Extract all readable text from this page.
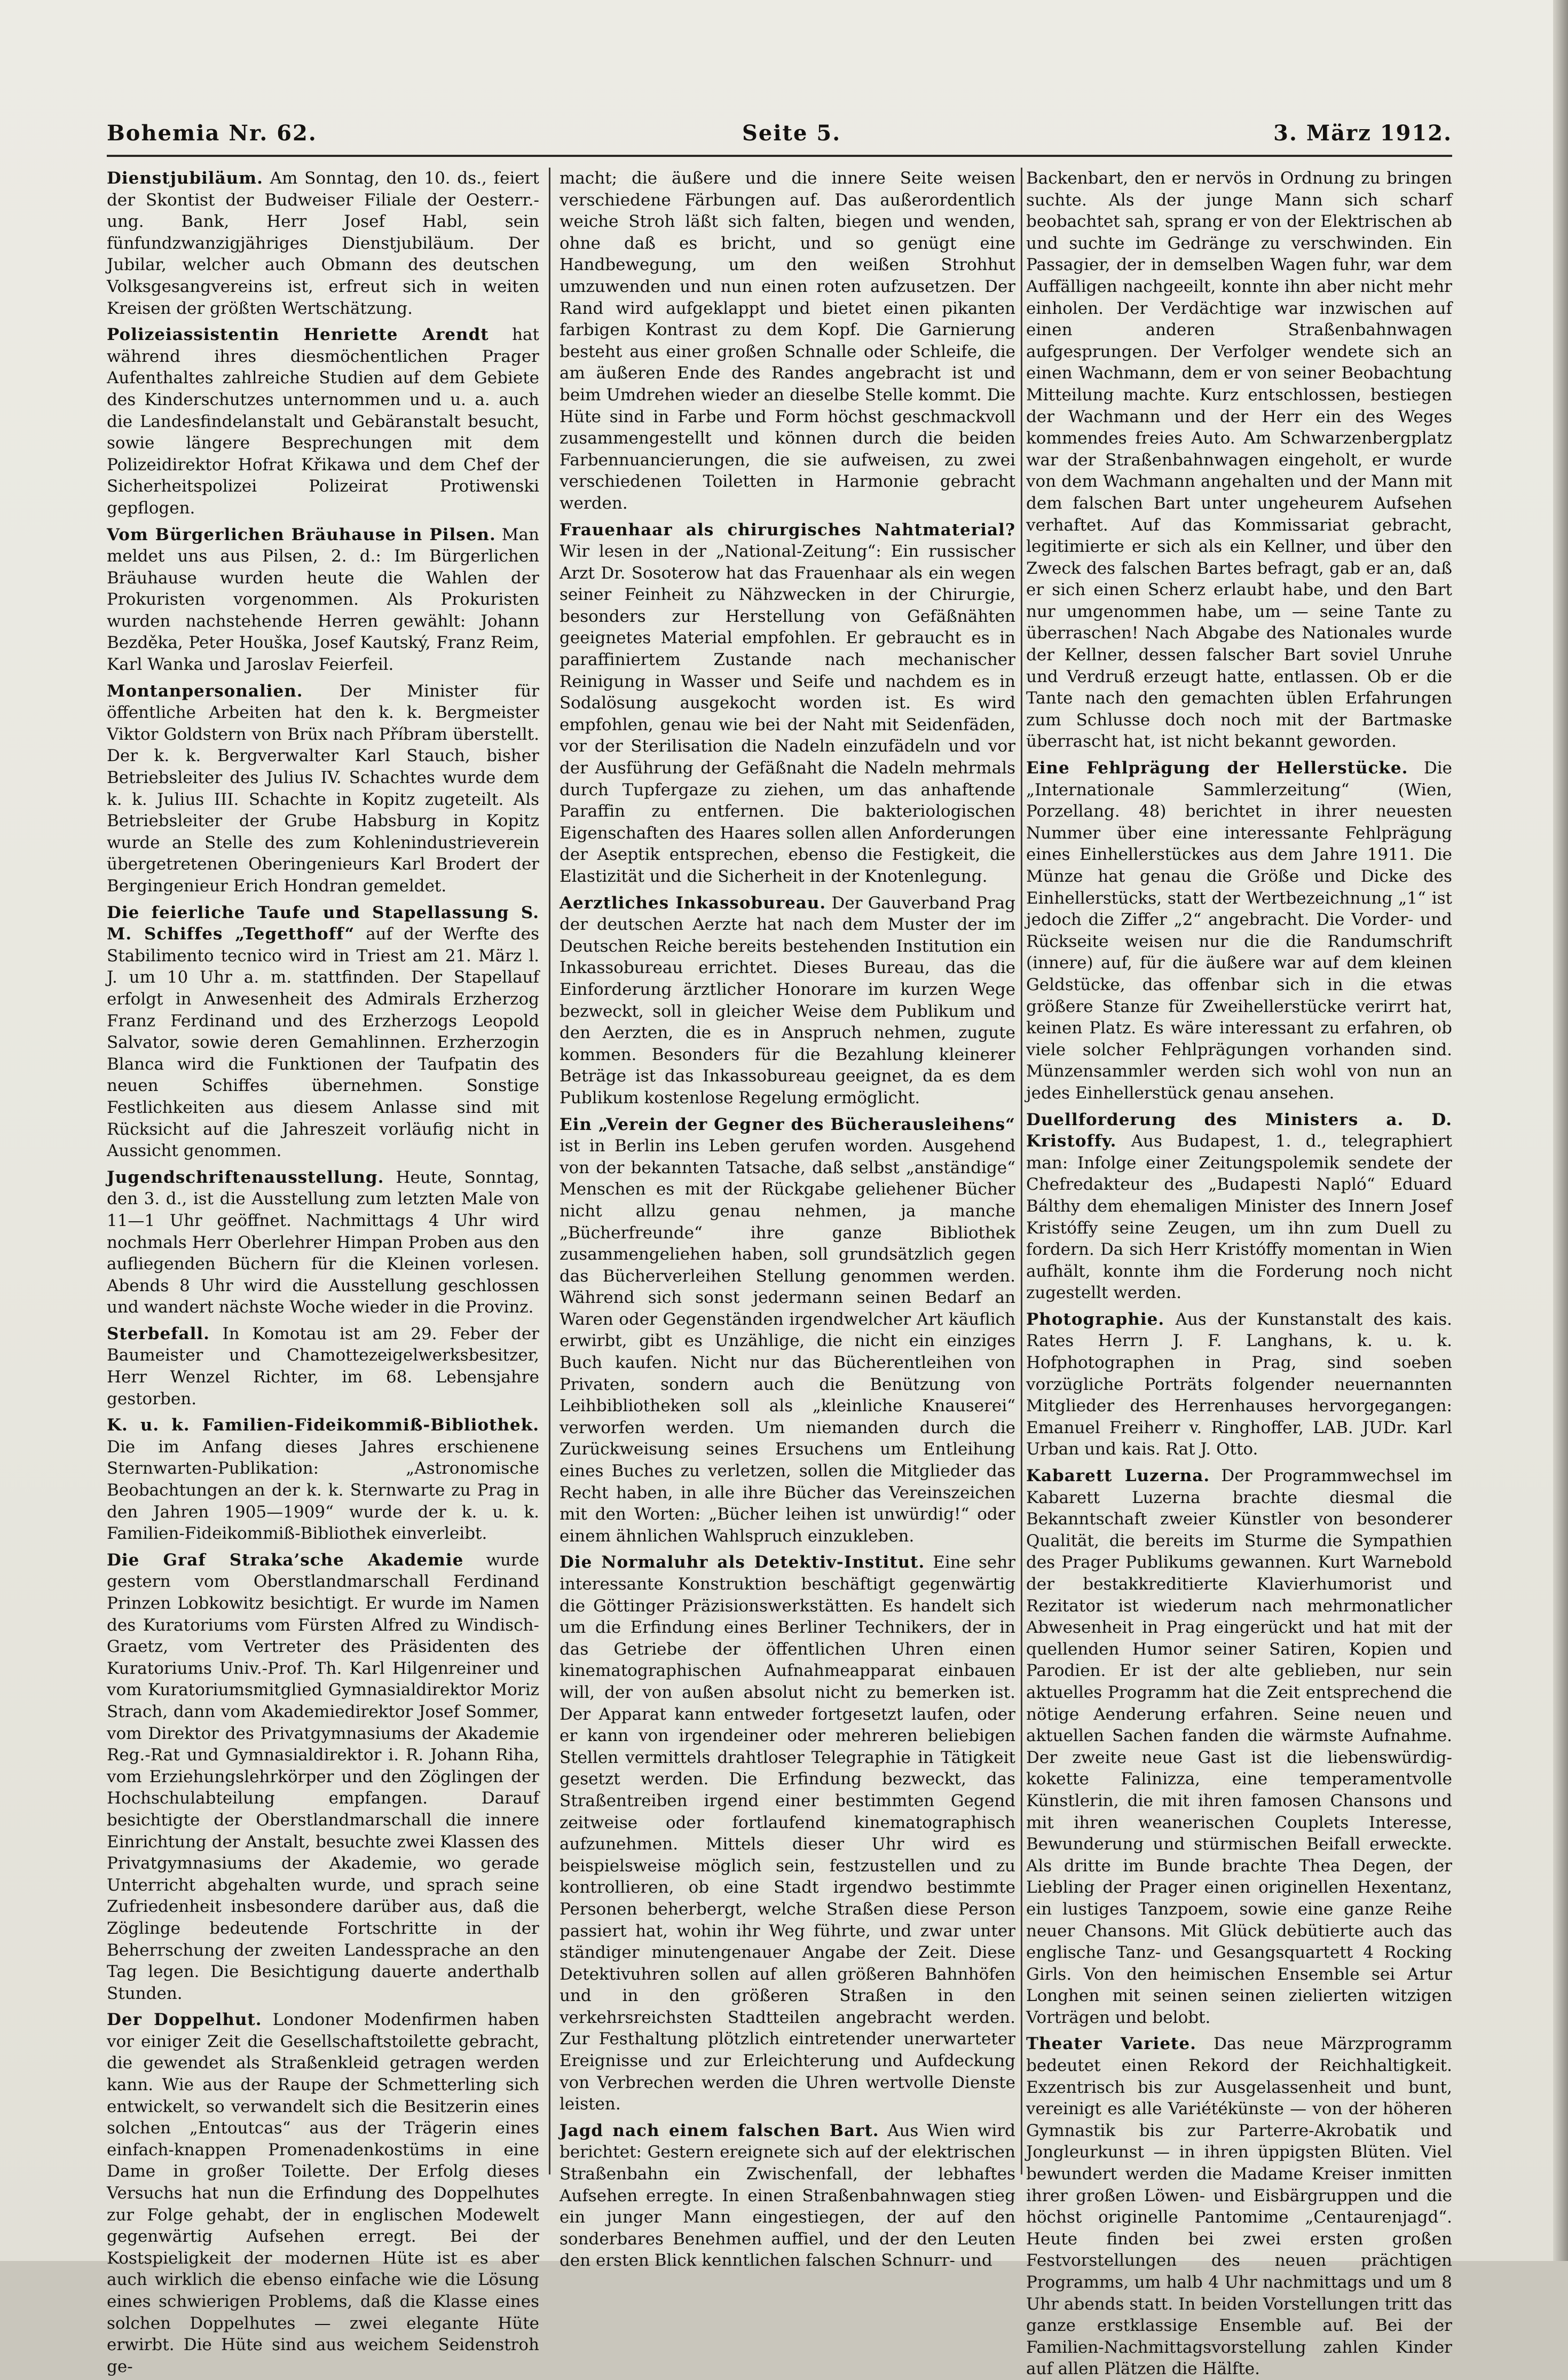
Bohemia Nr. 62.	Seite 5.	3. März 1912.

Dienstjubiläum. Am Sonntag, den 10. ds., feiert der Skontist der Budweiser Filiale der Oesterr.-ung. Bank, Herr Josef Habl, sein fünfundzwanzigjähriges Dienstjubiläum. Der Jubilar, welcher auch Obmann des deutschen Volksgesangvereins ist, erfreut sich in weiten Kreisen der größten Wertschätzung.

Polizeiassistentin Henriette Arendt hat während ihres diesmöchentlichen Prager Aufenthaltes zahlreiche Studien auf dem Gebiete des Kinderschutzes unternommen und u. a. auch die Landesfindelanstalt und Gebäranstalt besucht, sowie längere Besprechungen mit dem Polizeidirektor Hofrat Křikawa und dem Chef der Sicherheitspolizei Polizeirat Protiwenski gepflogen.

Vom Bürgerlichen Bräuhause in Pilsen. Man meldet uns aus Pilsen, 2. d.: Im Bürgerlichen Bräuhause wurden heute die Wahlen der Prokuristen vorgenommen. Als Prokuristen wurden nachstehende Herren gewählt: Johann Bezděka, Peter Houška, Josef Kautský, Franz Reim, Karl Wanka und Jaroslav Feierfeil.

Montanpersonalien. Der Minister für öffentliche Arbeiten hat den k. k. Bergmeister Viktor Goldstern von Brüx nach Příbram überstellt. Der k. k. Bergverwalter Karl Stauch, bisher Betriebsleiter des Julius IV. Schachtes wurde dem k. k. Julius III. Schachte in Kopitz zugeteilt. Als Betriebsleiter der Grube Habsburg in Kopitz wurde an Stelle des zum Kohlenindustrieverein übergetretenen Oberingenieurs Karl Brodert der Bergingenieur Erich Hondran gemeldet.

Die feierliche Taufe und Stapellassung S. M. Schiffes „Tegetthoff“ auf der Werfte des Stabilimento tecnico wird in Triest am 21. März l. J. um 10 Uhr a. m. stattfinden. Der Stapellauf erfolgt in Anwesenheit des Admirals Erzherzog Franz Ferdinand und des Erzherzogs Leopold Salvator, sowie deren Gemahlinnen. Erzherzogin Blanca wird die Funktionen der Taufpatin des neuen Schiffes übernehmen. Sonstige Festlichkeiten aus diesem Anlasse sind mit Rücksicht auf die Jahreszeit vorläufig nicht in Aussicht genommen.

Jugendschriftenausstellung. Heute, Sonntag, den 3. d., ist die Ausstellung zum letzten Male von 11—1 Uhr geöffnet. Nachmittags 4 Uhr wird nochmals Herr Oberlehrer Himpan Proben aus den aufliegenden Büchern für die Kleinen vorlesen. Abends 8 Uhr wird die Ausstellung geschlossen und wandert nächste Woche wieder in die Provinz.

Sterbefall. In Komotau ist am 29. Feber der Baumeister und Chamottezeigelwerksbesitzer, Herr Wenzel Richter, im 68. Lebensjahre gestorben.

K. u. k. Familien-Fideikommiß-Bibliothek. Die im Anfang dieses Jahres erschienene Sternwarten-Publikation: „Astronomische Beobachtungen an der k. k. Sternwarte zu Prag in den Jahren 1905—1909“ wurde der k. u. k. Familien-Fideikommiß-Bibliothek einverleibt.

Die Graf Straka’sche Akademie wurde gestern vom Oberstlandmarschall Ferdinand Prinzen Lobkowitz besichtigt. Er wurde im Namen des Kuratoriums vom Fürsten Alfred zu Windisch-Graetz, vom Vertreter des Präsidenten des Kuratoriums Univ.-Prof. Th. Karl Hilgenreiner und vom Kuratoriumsmitglied Gymnasialdirektor Moriz Strach, dann vom Akademiedirektor Josef Sommer, vom Direktor des Privatgymnasiums der Akademie Reg.-Rat und Gymnasialdirektor i. R. Johann Riha, vom Erziehungslehrkörper und den Zöglingen der Hochschulabteilung empfangen. Darauf besichtigte der Oberstlandmarschall die innere Einrichtung der Anstalt, besuchte zwei Klassen des Privatgymnasiums der Akademie, wo gerade Unterricht abgehalten wurde, und sprach seine Zufriedenheit insbesondere darüber aus, daß die Zöglinge bedeutende Fortschritte in der Beherrschung der zweiten Landessprache an den Tag legen. Die Besichtigung dauerte anderthalb Stunden.

Der Doppelhut. Londoner Modenfirmen haben vor einiger Zeit die Gesellschaftstoilette gebracht, die gewendet als Straßenkleid getragen werden kann. Wie aus der Raupe der Schmetterling sich entwickelt, so verwandelt sich die Besitzerin eines solchen „Entoutcas“ aus der Trägerin eines einfach-knappen Promenadenkostüms in eine Dame in großer Toilette. Der Erfolg dieses Versuchs hat nun die Erfindung des Doppelhutes zur Folge gehabt, der in englischen Modewelt gegenwärtig Aufsehen erregt. Bei der Kostspieligkeit der modernen Hüte ist es aber auch wirklich die ebenso einfache wie die Lösung eines schwierigen Problems, daß die Klasse eines solchen Doppelhutes — zwei elegante Hüte erwirbt. Die Hüte sind aus weichem Seidenstroh ge-

macht; die äußere und die innere Seite weisen verschiedene Färbungen auf. Das außerordentlich weiche Stroh läßt sich falten, biegen und wenden, ohne daß es bricht, und so genügt eine Handbewegung, um den weißen Strohhut umzuwenden und nun einen roten aufzusetzen. Der Rand wird aufgeklappt und bietet einen pikanten farbigen Kontrast zu dem Kopf. Die Garnierung besteht aus einer großen Schnalle oder Schleife, die am äußeren Ende des Randes angebracht ist und beim Umdrehen wieder an dieselbe Stelle kommt. Die Hüte sind in Farbe und Form höchst geschmackvoll zusammengestellt und können durch die beiden Farbennuancierungen, die sie aufweisen, zu zwei verschiedenen Toiletten in Harmonie gebracht werden.

Frauenhaar als chirurgisches Nahtmaterial? Wir lesen in der „National-Zeitung“: Ein russischer Arzt Dr. Sosoterow hat das Frauenhaar als ein wegen seiner Feinheit zu Nähzwecken in der Chirurgie, besonders zur Herstellung von Gefäßnähten geeignetes Material empfohlen. Er gebraucht es in paraffiniertem Zustande nach mechanischer Reinigung in Wasser und Seife und nachdem es in Sodalösung ausgekocht worden ist. Es wird empfohlen, genau wie bei der Naht mit Seidenfäden, vor der Sterilisation die Nadeln einzufädeln und vor der Ausführung der Gefäßnaht die Nadeln mehrmals durch Tupfergaze zu ziehen, um das anhaftende Paraffin zu entfernen. Die bakteriologischen Eigenschaften des Haares sollen allen Anforderungen der Aseptik entsprechen, ebenso die Festigkeit, die Elastizität und die Sicherheit in der Knotenlegung.

Aerztliches Inkassobureau. Der Gauverband Prag der deutschen Aerzte hat nach dem Muster der im Deutschen Reiche bereits bestehenden Institution ein Inkassobureau errichtet. Dieses Bureau, das die Einforderung ärztlicher Honorare im kurzen Wege bezweckt, soll in gleicher Weise dem Publikum und den Aerzten, die es in Anspruch nehmen, zugute kommen. Besonders für die Bezahlung kleinerer Beträge ist das Inkassobureau geeignet, da es dem Publikum kostenlose Regelung ermöglicht.

Ein „Verein der Gegner des Bücherausleihens“ ist in Berlin ins Leben gerufen worden. Ausgehend von der bekannten Tatsache, daß selbst „anständige“ Menschen es mit der Rückgabe geliehener Bücher nicht allzu genau nehmen, ja manche „Bücherfreunde“ ihre ganze Bibliothek zusammengeliehen haben, soll grundsätzlich gegen das Bücherverleihen Stellung genommen werden. Während sich sonst jedermann seinen Bedarf an Waren oder Gegenständen irgendwelcher Art käuflich erwirbt, gibt es Unzählige, die nicht ein einziges Buch kaufen. Nicht nur das Bücherentleihen von Privaten, sondern auch die Benützung von Leihbibliotheken soll als „kleinliche Knauserei“ verworfen werden. Um niemanden durch die Zurückweisung seines Ersuchens um Entleihung eines Buches zu verletzen, sollen die Mitglieder das Recht haben, in alle ihre Bücher das Vereinszeichen mit den Worten: „Bücher leihen ist unwürdig!“ oder einem ähnlichen Wahlspruch einzukleben.

Die Normaluhr als Detektiv-Institut. Eine sehr interessante Konstruktion beschäftigt gegenwärtig die Göttinger Präzisionswerkstätten. Es handelt sich um die Erfindung eines Berliner Technikers, der in das Getriebe der öffentlichen Uhren einen kinematographischen Aufnahmeapparat einbauen will, der von außen absolut nicht zu bemerken ist. Der Apparat kann entweder fortgesetzt laufen, oder er kann von irgendeiner oder mehreren beliebigen Stellen vermittels drahtloser Telegraphie in Tätigkeit gesetzt werden. Die Erfindung bezweckt, das Straßentreiben irgend einer bestimmten Gegend zeitweise oder fortlaufend kinematographisch aufzunehmen. Mittels dieser Uhr wird es beispielsweise möglich sein, festzustellen und zu kontrollieren, ob eine Stadt irgendwo bestimmte Personen beherbergt, welche Straßen diese Person passiert hat, wohin ihr Weg führte, und zwar unter ständiger minutengenauer Angabe der Zeit. Diese Detektivuhren sollen auf allen größeren Bahnhöfen und in den größeren Straßen in den verkehrsreichsten Stadtteilen angebracht werden. Zur Festhaltung plötzlich eintretender unerwarteter Ereignisse und zur Erleichterung und Aufdeckung von Verbrechen werden die Uhren wertvolle Dienste leisten.

Jagd nach einem falschen Bart. Aus Wien wird berichtet: Gestern ereignete sich auf der elektrischen Straßenbahn ein Zwischenfall, der lebhaftes Aufsehen erregte. In einen Straßenbahnwagen stieg ein junger Mann eingestiegen, der auf den sonderbares Benehmen auffiel, und der den Leuten den ersten Blick kenntlichen falschen Schnurr- und

Backenbart, den er nervös in Ordnung zu bringen suchte. Als der junge Mann sich scharf beobachtet sah, sprang er von der Elektrischen ab und suchte im Gedränge zu verschwinden. Ein Passagier, der in demselben Wagen fuhr, war dem Auffälligen nachgeeilt, konnte ihn aber nicht mehr einholen. Der Verdächtige war inzwischen auf einen anderen Straßenbahnwagen aufgesprungen. Der Verfolger wendete sich an einen Wachmann, dem er von seiner Beobachtung Mitteilung machte. Kurz entschlossen, bestiegen der Wachmann und der Herr ein des Weges kommendes freies Auto. Am Schwarzenbergplatz war der Straßenbahnwagen eingeholt, er wurde von dem Wachmann angehalten und der Mann mit dem falschen Bart unter ungeheurem Aufsehen verhaftet. Auf das Kommissariat gebracht, legitimierte er sich als ein Kellner, und über den Zweck des falschen Bartes befragt, gab er an, daß er sich einen Scherz erlaubt habe, und den Bart nur umgenommen habe, um — seine Tante zu überraschen! Nach Abgabe des Nationales wurde der Kellner, dessen falscher Bart soviel Unruhe und Verdruß erzeugt hatte, entlassen. Ob er die Tante nach den gemachten üblen Erfahrungen zum Schlusse doch noch mit der Bartmaske überrascht hat, ist nicht bekannt geworden.

Eine Fehlprägung der Hellerstücke. Die „Internationale Sammlerzeitung“ (Wien, Porzellang. 48) berichtet in ihrer neuesten Nummer über eine interessante Fehlprägung eines Einhellerstückes aus dem Jahre 1911. Die Münze hat genau die Größe und Dicke des Einhellerstücks, statt der Wertbezeichnung „1“ ist jedoch die Ziffer „2“ angebracht. Die Vorder- und Rückseite weisen nur die die Randumschrift (innere) auf, für die äußere war auf dem kleinen Geldstücke, das offenbar sich in die etwas größere Stanze für Zweihellerstücke verirrt hat, keinen Platz. Es wäre interessant zu erfahren, ob viele solcher Fehlprägungen vorhanden sind. Münzensammler werden sich wohl von nun an jedes Einhellerstück genau ansehen.

Duellforderung des Ministers a. D. Kristoffy. Aus Budapest, 1. d., telegraphiert man: Infolge einer Zeitungspolemik sendete der Chefredakteur des „Budapesti Napló“ Eduard Bálthy dem ehemaligen Minister des Innern Josef Kristóffy seine Zeugen, um ihn zum Duell zu fordern. Da sich Herr Kristóffy momentan in Wien aufhält, konnte ihm die Forderung noch nicht zugestellt werden.

Photographie. Aus der Kunstanstalt des kais. Rates Herrn J. F. Langhans, k. u. k. Hofphotographen in Prag, sind soeben vorzügliche Porträts folgender neuernannten Mitglieder des Herrenhauses hervorgegangen: Emanuel Freiherr v. Ringhoffer, LAB. JUDr. Karl Urban und kais. Rat J. Otto.

Kabarett Luzerna. Der Programmwechsel im Kabarett Luzerna brachte diesmal die Bekanntschaft zweier Künstler von besonderer Qualität, die bereits im Sturme die Sympathien des Prager Publikums gewannen. Kurt Warnebold der bestakkreditierte Klavierhumorist und Rezitator ist wiederum nach mehrmonatlicher Abwesenheit in Prag eingerückt und hat mit der quellenden Humor seiner Satiren, Kopien und Parodien. Er ist der alte geblieben, nur sein aktuelles Programm hat die Zeit entsprechend die nötige Aenderung erfahren. Seine neuen und aktuellen Sachen fanden die wärmste Aufnahme. Der zweite neue Gast ist die liebenswürdig-kokette Falinizza, eine temperamentvolle Künstlerin, die mit ihren famosen Chansons und mit ihren weanerischen Couplets Interesse, Bewunderung und stürmischen Beifall erweckte. Als dritte im Bunde brachte Thea Degen, der Liebling der Prager einen originellen Hexentanz, ein lustiges Tanzpoem, sowie eine ganze Reihe neuer Chansons. Mit Glück debütierte auch das englische Tanz- und Gesangsquartett 4 Rocking Girls. Von den heimischen Ensemble sei Artur Longhen mit seinen seinen zielierten witzigen Vorträgen und belobt.

Theater Variete. Das neue Märzprogramm bedeutet einen Rekord der Reichhaltigkeit. Exzentrisch bis zur Ausgelassenheit und bunt, vereinigt es alle Variétékünste — von der höheren Gymnastik bis zur Parterre-Akrobatik und Jongleurkunst — in ihren üppigsten Blüten. Viel bewundert werden die Madame Kreiser inmitten ihrer großen Löwen- und Eisbärgruppen und die höchst originelle Pantomime „Centaurenjagd“. Heute finden bei zwei ersten großen Festvorstellungen des neuen prächtigen Programms, um halb 4 Uhr nachmittags und um 8 Uhr abends statt. In beiden Vorstellungen tritt das ganze erstklassige Ensemble auf. Bei der Familien-Nachmittagsvorstellung zahlen Kinder auf allen Plätzen die Hälfte.
